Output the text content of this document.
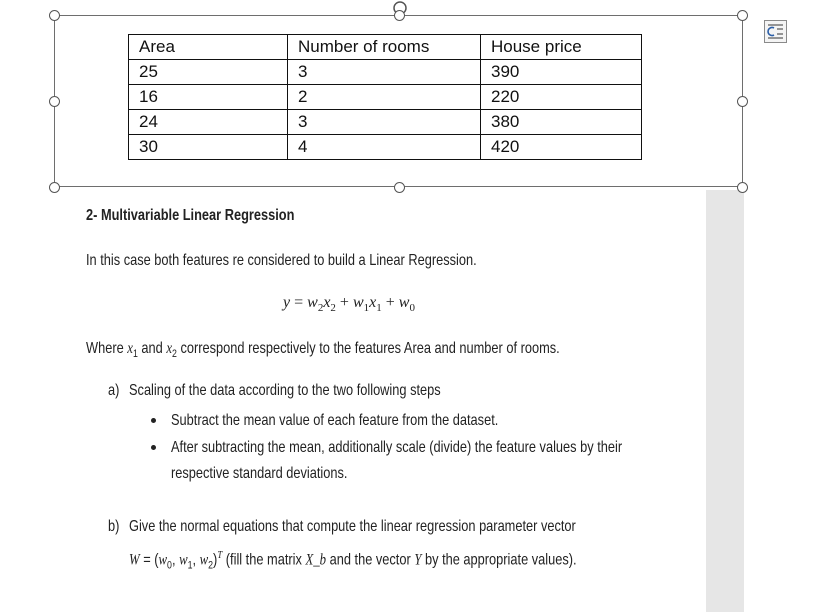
Area	Number of rooms	House price
25	3	390
16	2	220
24	3	380
30	4	420
2- Multivariable Linear Regression
In this case both features re considered to build a Linear Regression.
$y = w_2x_2 + w_1x_1 + w_0$
Where $x_1$ and $x_2$ correspond respectively to the features Area and number of rooms.
a) Scaling of the data according to the two following steps
Subtract the mean value of each feature from the dataset.
After subtracting the mean, additionally scale (divide) the feature values by their
respective standard deviations.
b) Give the normal equations that compute the linear regression parameter vector
$W = (w_0$, $w_1$, $w_2)^T$ (fill the matrix X_b and the vector Y by the appropriate values).
